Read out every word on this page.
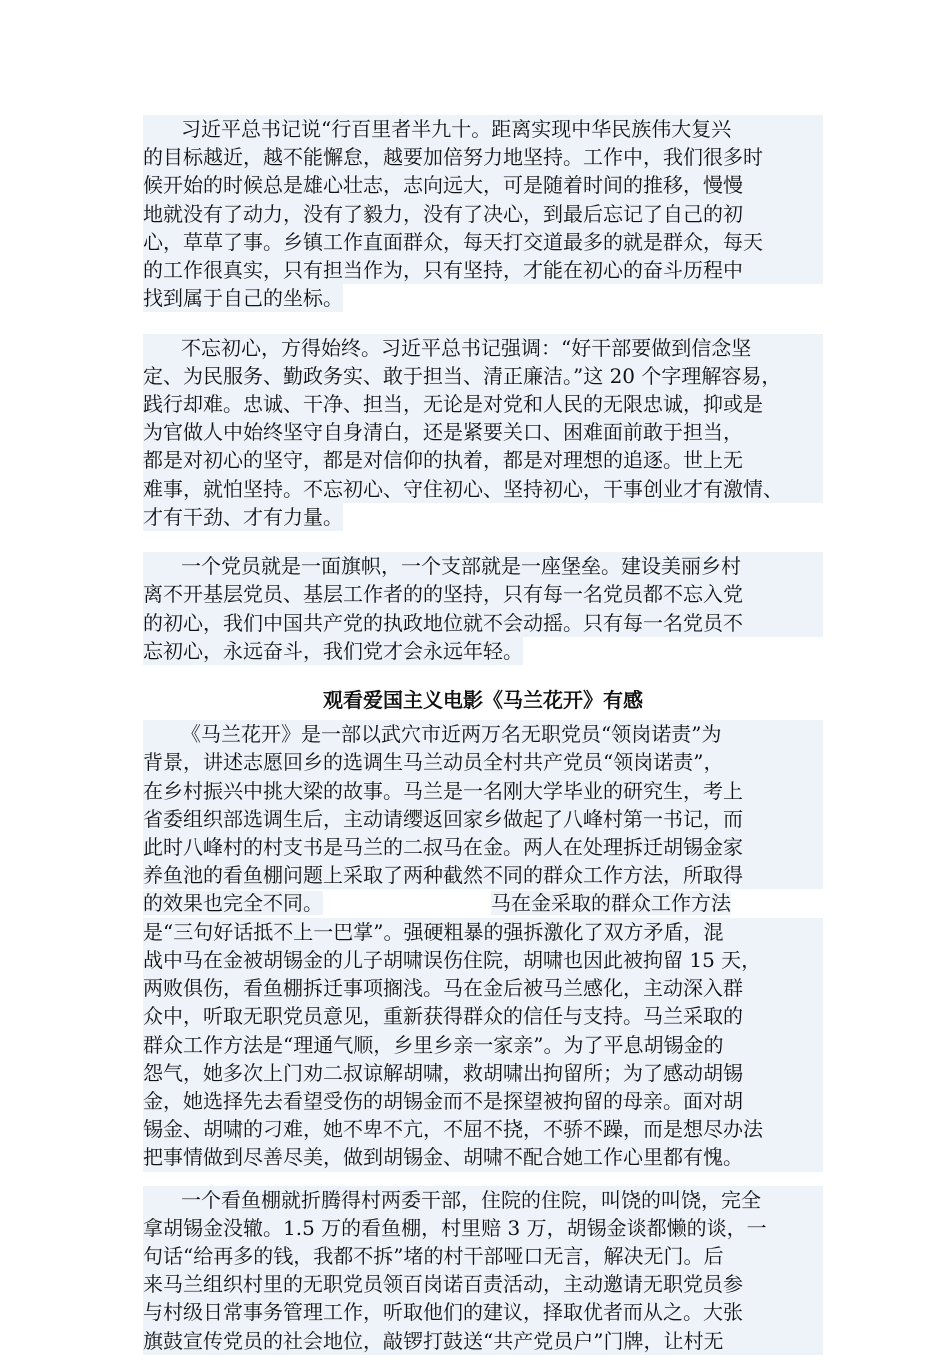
习近平总书记说“行百里者半九十。距离实现中华民族伟大复兴
的目标越近，越不能懈怠，越要加倍努力地坚持。工作中，我们很多时
候开始的时候总是雄心壮志，志向远大，可是随着时间的推移，慢慢
地就没有了动力，没有了毅力，没有了决心，到最后忘记了自己的初
心，草草了事。乡镇工作直面群众，每天打交道最多的就是群众，每天
的工作很真实，只有担当作为，只有坚持，才能在初心的奋斗历程中
找到属于自己的坐标。
不忘初心，方得始终。习近平总书记强调：“好干部要做到信念坚
定、为民服务、勤政务实、敢于担当、清正廉洁。”这 20 个字理解容易，
践行却难。忠诚、干净、担当，无论是对党和人民的无限忠诚，抑或是
为官做人中始终坚守自身清白，还是紧要关口、困难面前敢于担当，
都是对初心的坚守，都是对信仰的执着，都是对理想的追逐。世上无
难事，就怕坚持。不忘初心、守住初心、坚持初心，干事创业才有激情、
才有干劲、才有力量。
一个党员就是一面旗帜，一个支部就是一座堡垒。建设美丽乡村
离不开基层党员、基层工作者的的坚持，只有每一名党员都不忘入党
的初心，我们中国共产党的执政地位就不会动摇。只有每一名党员不
忘初心，永远奋斗，我们党才会永远年轻。
观看爱国主义电影《马兰花开》有感
《马兰花开》是一部以武穴市近两万名无职党员“领岗诺责”为
背景，讲述志愿回乡的选调生马兰动员全村共产党员“领岗诺责”，
在乡村振兴中挑大梁的故事。马兰是一名刚大学毕业的研究生，考上
省委组织部选调生后，主动请缨返回家乡做起了八峰村第一书记，而
此时八峰村的村支书是马兰的二叔马在金。两人在处理拆迁胡锡金家
养鱼池的看鱼棚问题上采取了两种截然不同的群众工作方法，所取得
的效果也完全不同。	马在金采取的群众工作方法
是“三句好话抵不上一巴掌”。强硬粗暴的强拆激化了双方矛盾，混
战中马在金被胡锡金的儿子胡啸误伤住院，胡啸也因此被拘留 15 天，
两败俱伤，看鱼棚拆迁事项搁浅。马在金后被马兰感化，主动深入群
众中，听取无职党员意见，重新获得群众的信任与支持。马兰采取的
群众工作方法是“理通气顺，乡里乡亲一家亲”。为了平息胡锡金的
怨气，她多次上门劝二叔谅解胡啸，救胡啸出拘留所；为了感动胡锡
金，她选择先去看望受伤的胡锡金而不是探望被拘留的母亲。面对胡
锡金、胡啸的刁难，她不卑不亢，不屈不挠，不骄不躁，而是想尽办法
把事情做到尽善尽美，做到胡锡金、胡啸不配合她工作心里都有愧。
一个看鱼棚就折腾得村两委干部，住院的住院，叫饶的叫饶，完全
拿胡锡金没辙。1.5 万的看鱼棚，村里赔 3 万，胡锡金谈都懒的谈，一
句话“给再多的钱，我都不拆”堵的村干部哑口无言，解决无门。后
来马兰组织村里的无职党员领百岗诺百责活动，主动邀请无职党员参
与村级日常事务管理工作，听取他们的建议，择取优者而从之。大张
旗鼓宣传党员的社会地位，敲锣打鼓送“共产党员户”门牌，让村无
